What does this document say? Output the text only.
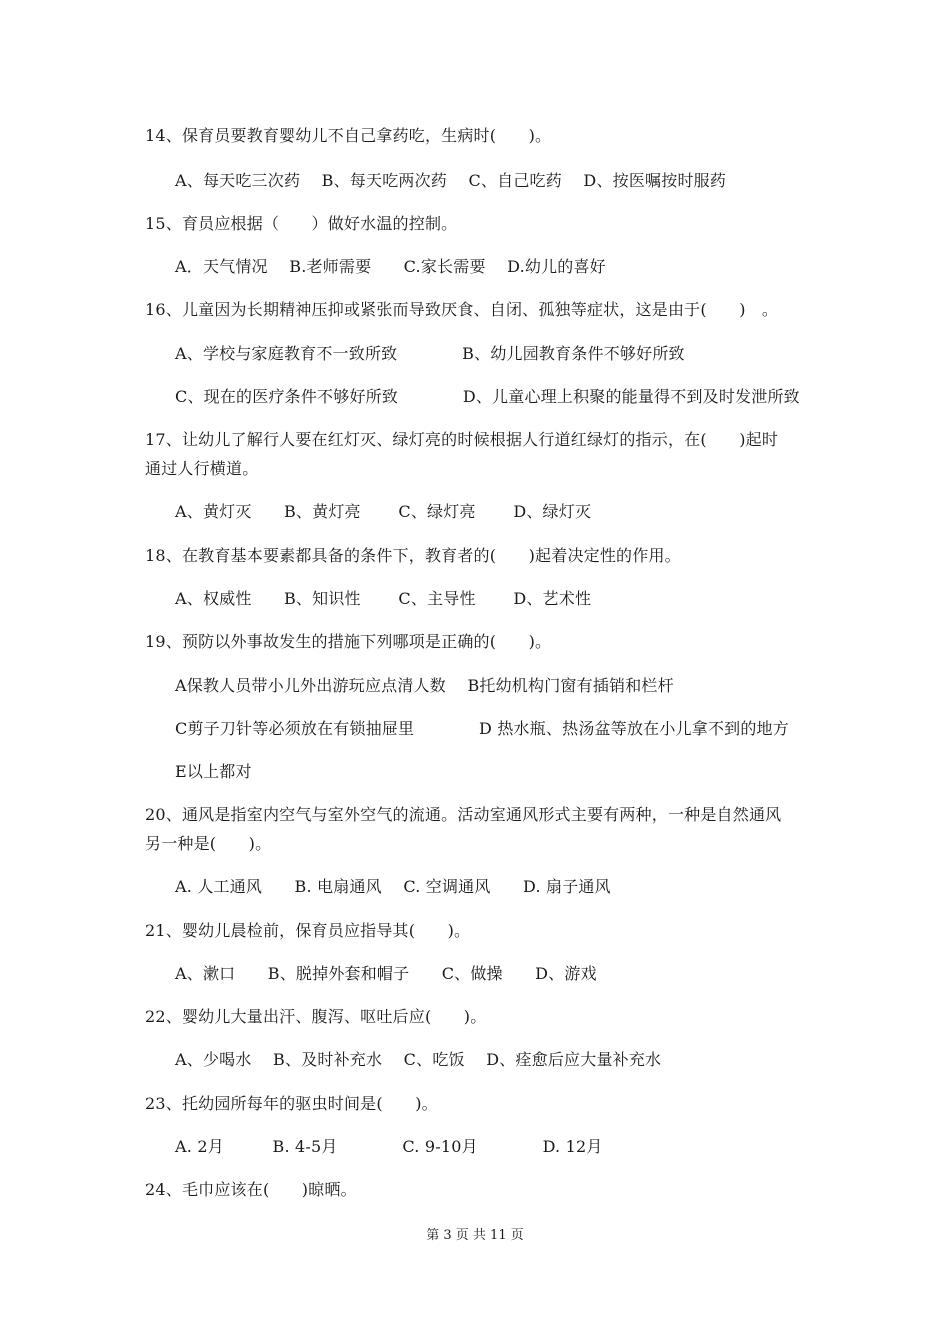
14、保育员要教育婴幼儿不自己拿药吃，生病时(　　)。
A、每天吃三次药　 B、每天吃两次药　 C、自己吃药　 D、按医嘱按时服药
15、育员应根据（　　）做好水温的控制。
A．天气情况　 B.老师需要　　C.家长需要　 D.幼儿的喜好
16、儿童因为长期精神压抑或紧张而导致厌食、自闭、孤独等症状，这是由于(　　)　。
A、学校与家庭教育不一致所致　　　　B、幼儿园教育条件不够好所致
C、现在的医疗条件不够好所致　　　　D、儿童心理上积聚的能量得不到及时发泄所致
17、让幼儿了解行人要在红灯灭、绿灯亮的时候根据人行道红绿灯的指示，在(　　)起时
通过人行横道。
A、黄灯灭　　B、黄灯亮　　 C、绿灯亮　　 D、绿灯灭
18、在教育基本要素都具备的条件下，教育者的(　　)起着决定性的作用。
A、权威性　　B、知识性　　 C、主导性　　 D、艺术性
19、预防以外事故发生的措施下列哪项是正确的(　　)。
A保教人员带小儿外出游玩应点清人数　 B托幼机构门窗有插销和栏杆
C剪子刀针等必须放在有锁抽屉里　　　　D 热水瓶、热汤盆等放在小儿拿不到的地方
E以上都对
20、通风是指室内空气与室外空气的流通。活动室通风形式主要有两种，一种是自然通风
另一种是(　　)。
A. 人工通风　　B. 电扇通风　 C. 空调通风　　D. 扇子通风
21、婴幼儿晨检前，保育员应指导其(　　)。
A、漱口　　B、脱掉外套和帽子　　C、做操　　D、游戏
22、婴幼儿大量出汗、腹泻、呕吐后应(　　)。
A、少喝水　 B、及时补充水　 C、吃饭　 D、痊愈后应大量补充水
23、托幼园所每年的驱虫时间是(　　)。
A. 2月　　　B. 4-5月　　　　C. 9-10月　　　　D. 12月
24、毛巾应该在(　　)晾晒。
第 3 页 共 11 页
